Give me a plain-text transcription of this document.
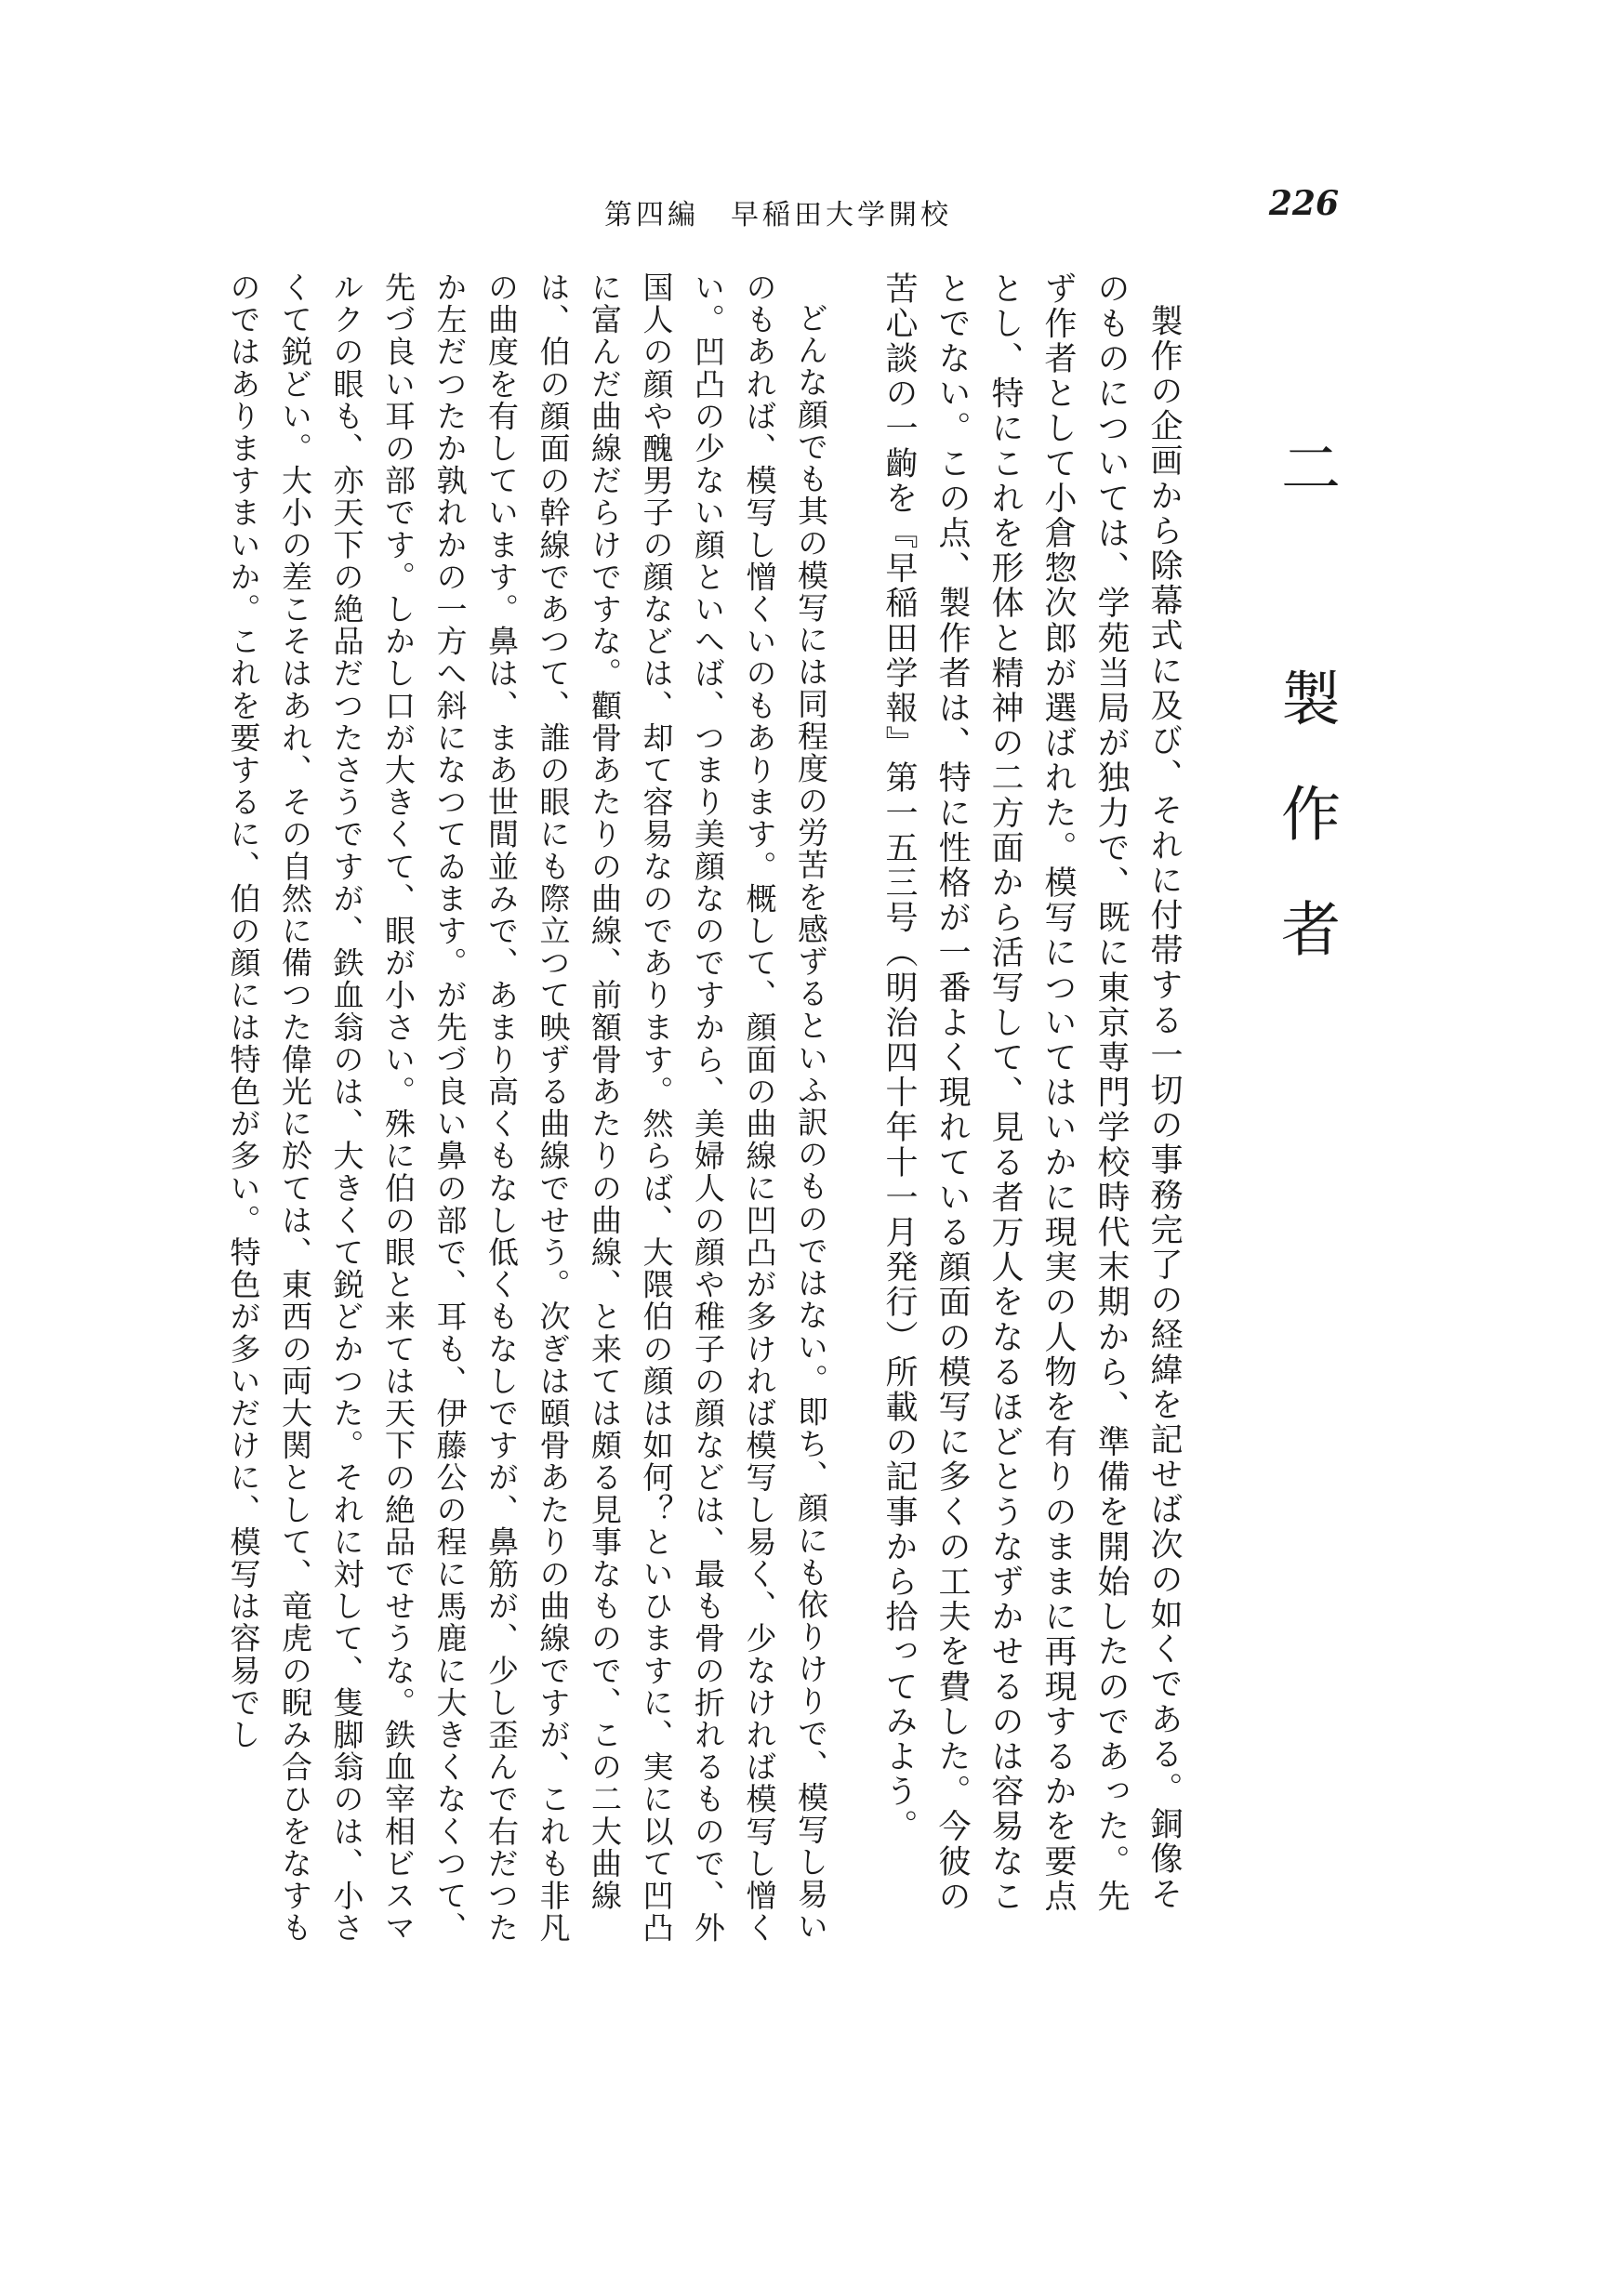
第四編　早稲田大学開校	226
二　製作者

製作の企画から除幕式に及び、それに付帯する一切の事務完了の経緯を記せば次の如くである。銅像そのものについては、学苑当局が独力で、既に東京専門学校時代末期から、準備を開始したのであった。先ず作者として小倉惣次郎が選ばれた。模写についてはいかに現実の人物を有りのままに再現するかを要点とし、特にこれを形体と精神の二方面から活写して、見る者万人をなるほどとうなずかせるのは容易なことでない。この点、製作者は、特に性格が一番よく現れている顔面の模写に多くの工夫を費した。今彼の苦心談の一齣を『早稲田学報』第一五三号（明治四十年十一月発行）所載の記事から拾ってみよう。

どんな顔でも其の模写には同程度の労苦を感ずるといふ訳のものではない。即ち、顔にも依りけりで、模写し易いのもあれば、模写し憎くいのもあります。概して、顔面の曲線に凹凸が多ければ模写し易く、少なければ模写し憎くい。凹凸の少ない顔といへば、つまり美顔なのですから、美婦人の顔や稚子の顔などは、最も骨の折れるもので、外国人の顔や醜男子の顔などは、却て容易なのであります。然らば、大隈伯の顔は如何？といひますに、実に以て凹凸に富んだ曲線だらけですな。顴骨あたりの曲線、前額骨あたりの曲線、と来ては頗る見事なもので、この二大曲線は、伯の顔面の幹線であつて、誰の眼にも際立つて映ずる曲線でせう。次ぎは頤骨あたりの曲線ですが、これも非凡の曲度を有しています。鼻は、まあ世間並みで、あまり高くもなし低くもなしですが、鼻筋が、少し歪んで右だつたか左だつたか孰れかの一方へ斜になつてゐます。が先づ良い鼻の部で、耳も、伊藤公の程に馬鹿に大きくなくつて、先づ良い耳の部です。しかし口が大きくて、眼が小さい。殊に伯の眼と来ては天下の絶品でせうな。鉄血宰相ビスマルクの眼も、亦天下の絶品だつたさうですが、鉄血翁のは、大きくて鋭どかつた。それに対して、隻脚翁のは、小さくて鋭どい。大小の差こそはあれ、その自然に備つた偉光に於ては、東西の両大関として、竜虎の睨み合ひをなすものではありますまいか。これを要するに、伯の顔には特色が多い。特色が多いだけに、模写は容易でし
